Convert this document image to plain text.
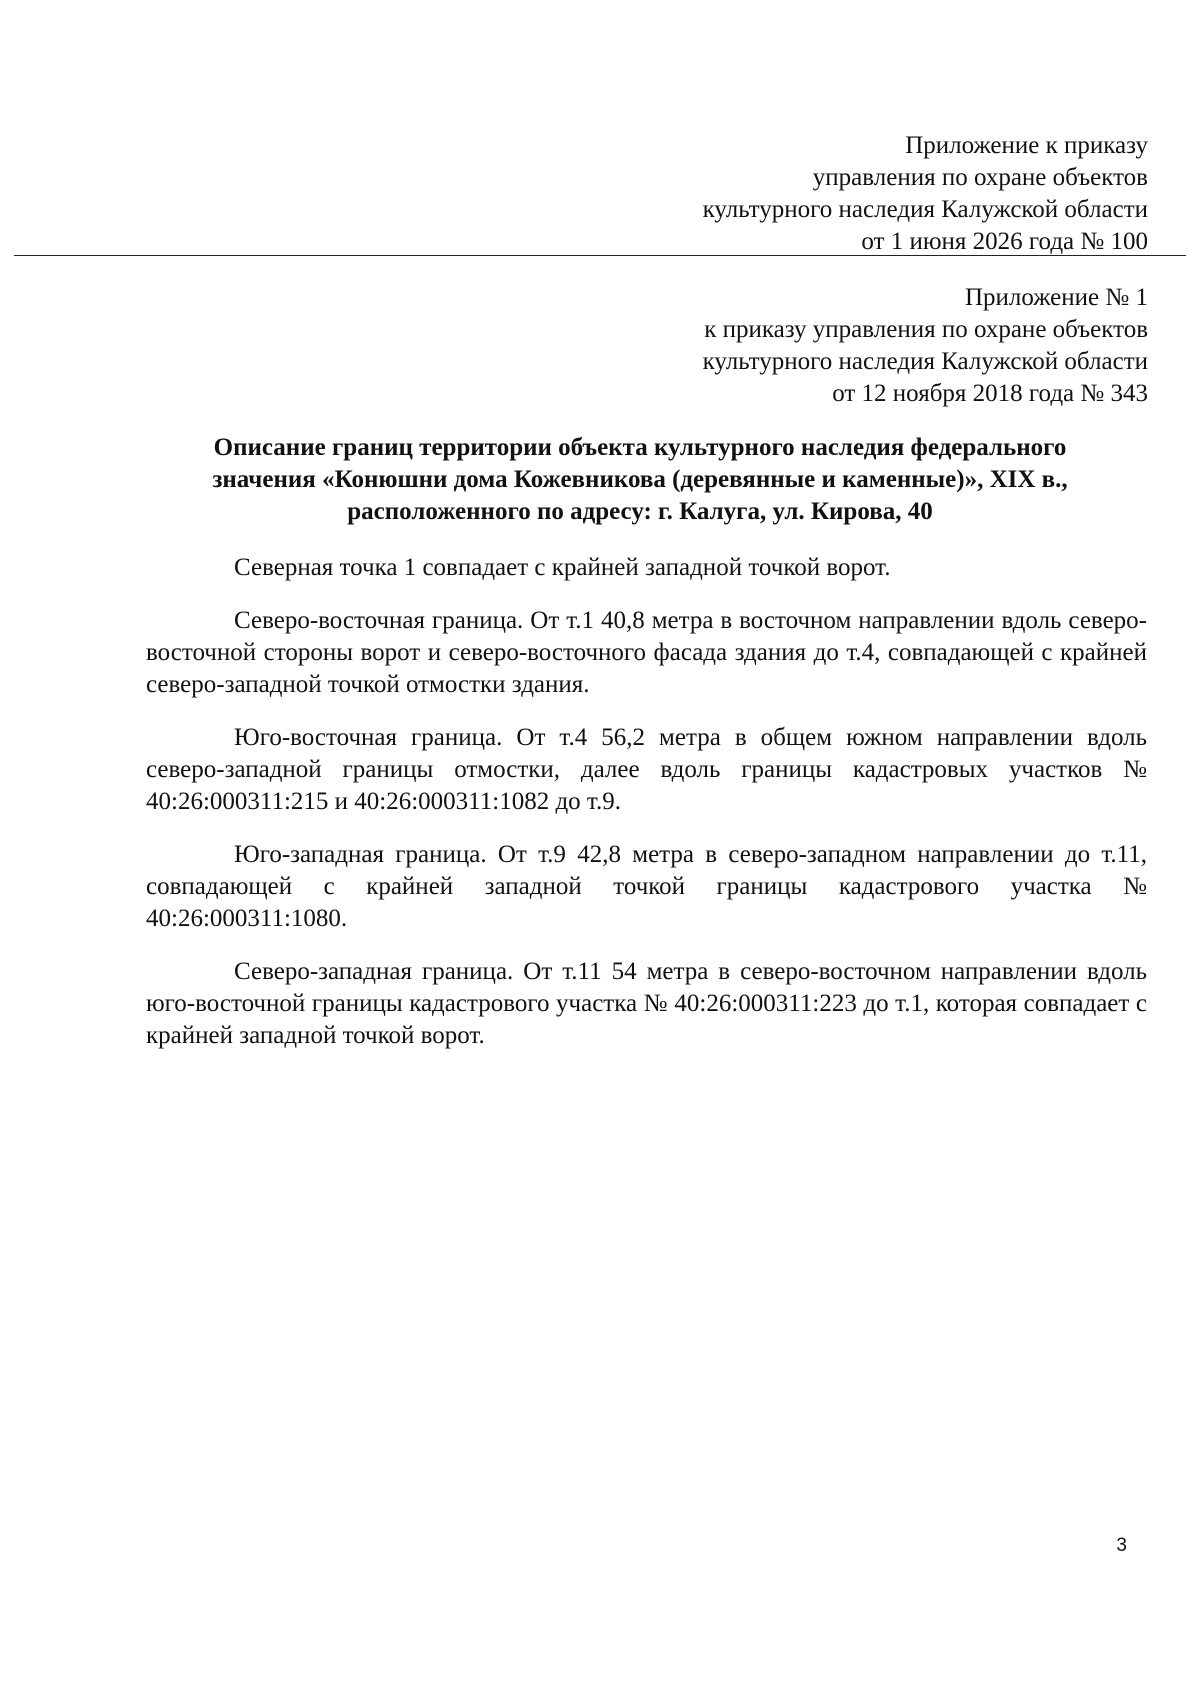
Приложение к приказу
управления по охране объектов
культурного наследия Калужской области
от 1 июня 2026 года № 100
Приложение № 1
к приказу управления по охране объектов
культурного наследия Калужской области
от 12 ноября 2018 года № 343
Описание границ территории объекта культурного наследия федерального
значения «Конюшни дома Кожевникова (деревянные и каменные)», XIX в.,
расположенного по адресу: г. Калуга, ул. Кирова, 40

Северная точка 1 совпадает с крайней западной точкой ворот.

Северо-восточная граница. От т.1 40,8 метра в восточном направлении вдоль северо-восточной стороны ворот и северо-восточного фасада здания до т.4, совпадающей с крайней северо-западной точкой отмостки здания.

Юго-восточная граница. От т.4 56,2 метра в общем южном направлении вдоль северо-западной границы отмостки, далее вдоль границы кадастровых участков № 40:26:000311:215 и 40:26:000311:1082 до т.9.

Юго-западная граница. От т.9 42,8 метра в северо-западном направлении до т.11, совпадающей с крайней западной точкой границы кадастрового участка № 40:26:000311:1080.

Северо-западная граница. От т.11 54 метра в северо-восточном направлении вдоль юго-восточной границы кадастрового участка № 40:26:000311:223 до т.1, которая совпадает с крайней западной точкой ворот.

3
